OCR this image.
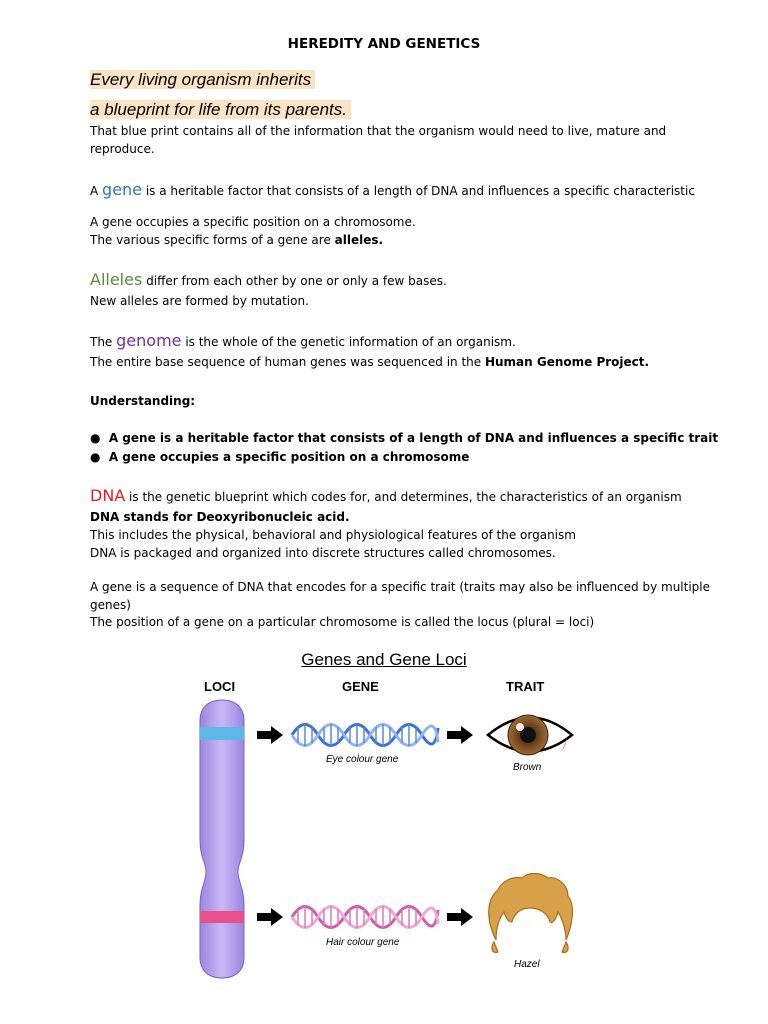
HEREDITY AND GENETICS
Every living organism inherits
a blueprint for life from its parents.
That blue print contains all of the information that the organism would need to live, mature and
reproduce.
A gene is a heritable factor that consists of a length of DNA and influences a specific characteristic
A gene occupies a specific position on a chromosome.
The various specific forms of a gene are alleles.
Alleles differ from each other by one or only a few bases.
New alleles are formed by mutation.
The genome is the whole of the genetic information of an organism.
The entire base sequence of human genes was sequenced in the Human Genome Project.
Understanding:
●  A gene is a heritable factor that consists of a length of DNA and influences a specific trait
●  A gene occupies a specific position on a chromosome
DNA is the genetic blueprint which codes for, and determines, the characteristics of an organism
DNA stands for Deoxyribonucleic acid.
This includes the physical, behavioral and physiological features of the organism
DNA is packaged and organized into discrete structures called chromosomes.
A gene is a sequence of DNA that encodes for a specific trait (traits may also be influenced by multiple
genes)
The position of a gene on a particular chromosome is called the locus (plural = loci)
Genes and Gene Loci
LOCI	GENE	TRAIT
Eye colour gene
Brown
Hair colour gene
Hazel
